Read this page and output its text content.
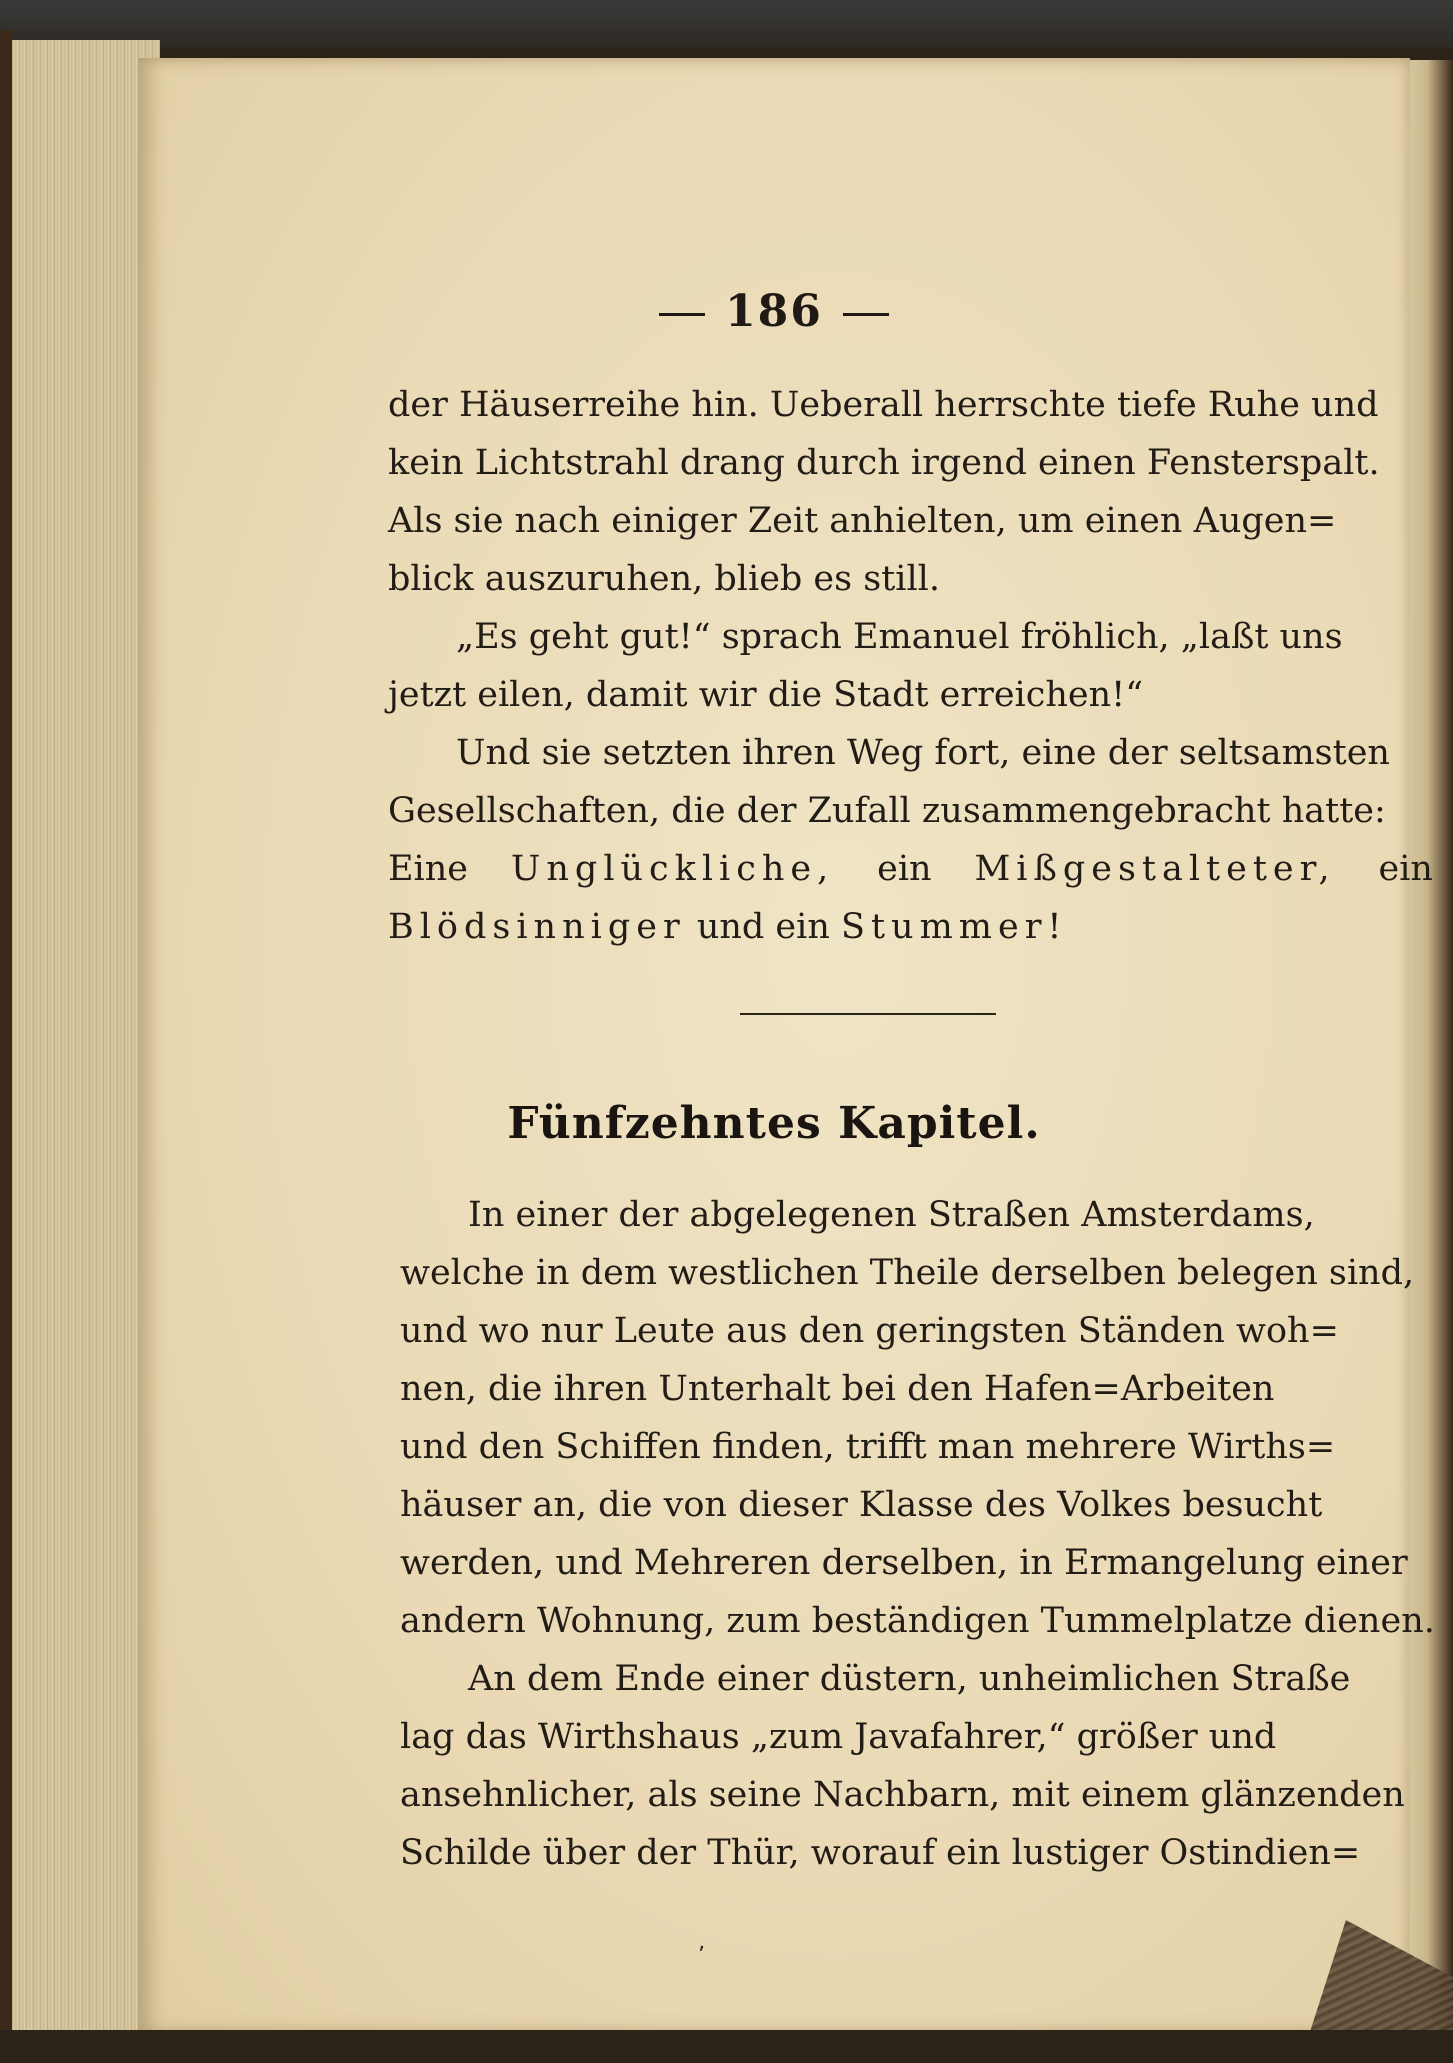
186

der Häuserreihe hin. Ueberall herrschte tiefe Ruhe und

kein Lichtstrahl drang durch irgend einen Fensterspalt.

Als sie nach einiger Zeit anhielten, um einen Augen=

blick auszuruhen, blieb es still.

„Es geht gut!“ sprach Emanuel fröhlich, „laßt uns

jetzt eilen, damit wir die Stadt erreichen!“

Und sie setzten ihren Weg fort, eine der seltsamsten

Gesellschaften, die der Zufall zusammengebracht hatte:

Eine Unglückliche, ein Mißgestalteter, ein

Blödsinniger und ein Stummer!

Fünfzehntes Kapitel.

In einer der abgelegenen Straßen Amsterdams,

welche in dem westlichen Theile derselben belegen sind,

und wo nur Leute aus den geringsten Ständen woh=

nen, die ihren Unterhalt bei den Hafen=Arbeiten

und den Schiffen finden, trifft man mehrere Wirths=

häuser an, die von dieser Klasse des Volkes besucht

werden, und Mehreren derselben, in Ermangelung einer

andern Wohnung, zum beständigen Tummelplatze dienen.

An dem Ende einer düstern, unheimlichen Straße

lag das Wirthshaus „zum Javafahrer,“ größer und

ansehnlicher, als seine Nachbarn, mit einem glänzenden

Schilde über der Thür, worauf ein lustiger Ostindien=

ʼ
